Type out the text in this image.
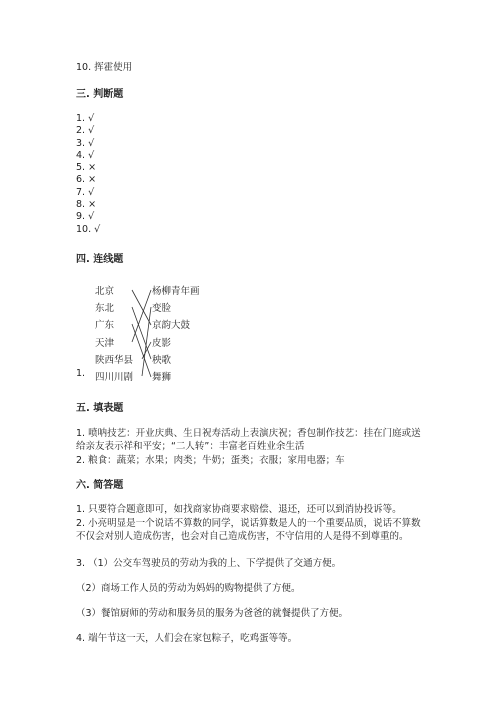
10. 挥霍使用
三. 判断题
1. √
2. √
3. √
4. √
5. ×
6. ×
7. √
8. ×
9. √
10. √
四. 连线题
1.
北京
东北
广东
天津
陕西华县
四川川剧
杨柳青年画
变脸
京韵大鼓
皮影
秧歌
舞狮
五. 填表题
1. 喷呐技艺：开业庆典、生日祝寿活动上表演庆祝；香包制作技艺：挂在门庭或送给亲友表示祥和平安；“二人转”：丰富老百姓业余生活
2. 粮食：蔬菜；水果；肉类；牛奶；蛋类；衣服；家用电器；车
六. 简答题
1. 只要符合题意即可，如找商家协商要求赔偿、退还，还可以到消协投诉等。
2. 小亮明显是一个说话不算数的同学，说话算数是人的一个重要品质，说话不算数不仅会对别人造成伤害，也会对自己造成伤害，不守信用的人是得不到尊重的。
3. （1）公交车驾驶员的劳动为我的上、下学提供了交通方便。
（2）商场工作人员的劳动为妈妈的购物提供了方便。
（3）餐馆厨师的劳动和服务员的服务为爸爸的就餐提供了方便。
4. 端午节这一天，人们会在家包粽子，吃鸡蛋等等。
